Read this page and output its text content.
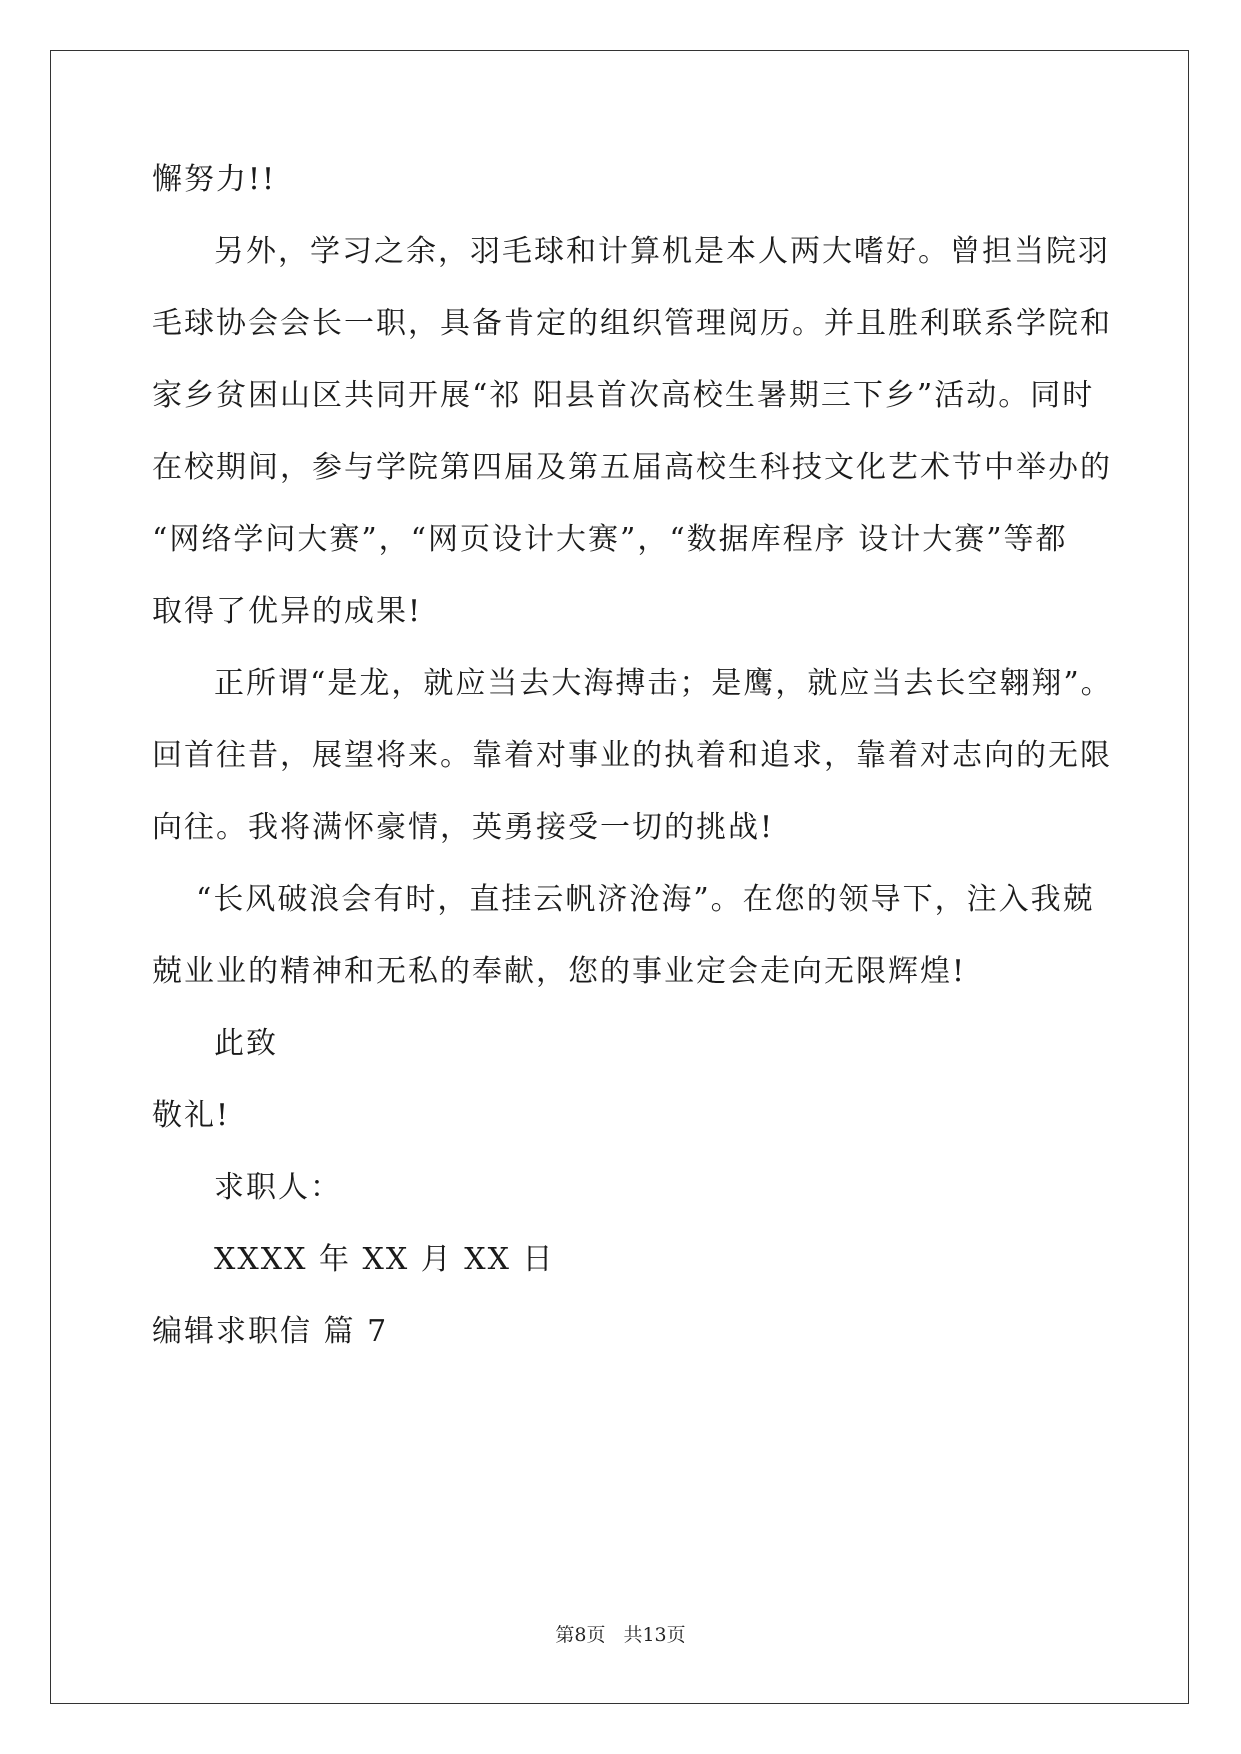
懈努力!!
另外，学习之余，羽毛球和计算机是本人两大嗜好。曾担当院羽
毛球协会会长一职，具备肯定的组织管理阅历。并且胜利联系学院和
家乡贫困山区共同开展“祁 阳县首次高校生暑期三下乡”活动。同时
在校期间，参与学院第四届及第五届高校生科技文化艺术节中举办的
“网络学问大赛”，“网页设计大赛”，“数据库程序 设计大赛”等都
取得了优异的成果!
正所谓“是龙，就应当去大海搏击；是鹰，就应当去长空翱翔”。
回首往昔，展望将来。靠着对事业的执着和追求，靠着对志向的无限
向往。我将满怀豪情，英勇接受一切的挑战!
“长风破浪会有时，直挂云帆济沧海”。在您的领导下，注入我兢
兢业业的精神和无私的奉献，您的事业定会走向无限辉煌!
此致
敬礼!
求职人：
XXXX 年 XX 月 XX 日
编辑求职信 篇 7
第8页 共13页
